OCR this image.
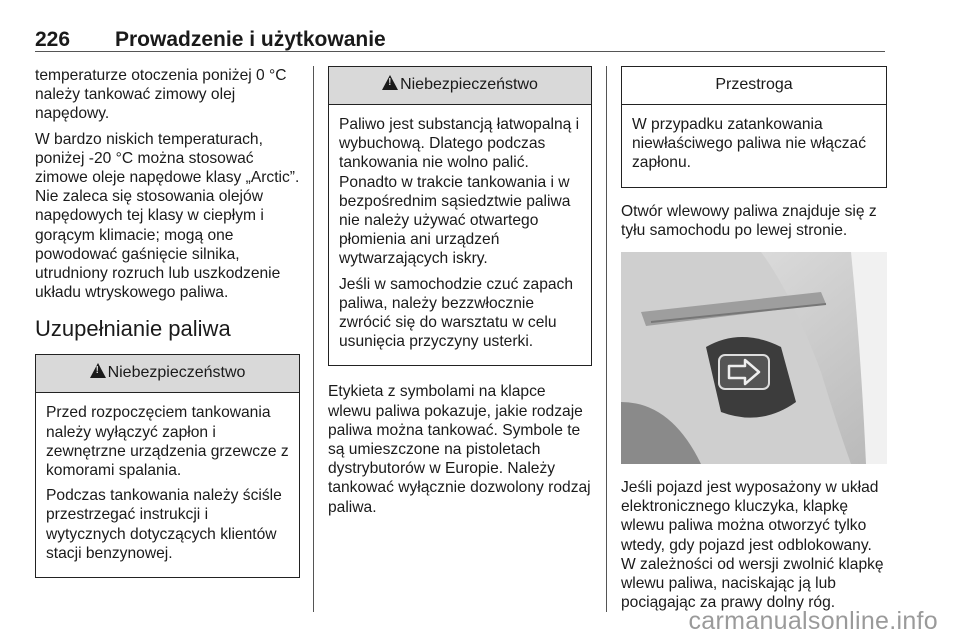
226 Prowadzenie i użytkowanie

temperaturze otoczenia poniżej 0 °C należy tankować zimowy olej napędowy.

W bardzo niskich temperaturach, poniżej -20 °C można stosować zimowe oleje napędowe klasy „Arctic”. Nie zaleca się stosowania olejów napędowych tej klasy w ciepłym i gorącym klimacie; mogą one powodować gaśnięcie silnika, utrudniony rozruch lub uszkodzenie układu wtryskowego paliwa.

Uzupełnianie paliwa
!Niebezpieczeństwo

Przed rozpoczęciem tankowania należy wyłączyć zapłon i zewnętrzne urządzenia grzewcze z komorami spalania.

Podczas tankowania należy ściśle przestrzegać instrukcji i wytycznych dotyczących klientów stacji benzynowej.

!Niebezpieczeństwo

Paliwo jest substancją łatwopalną i wybuchową. Dlatego podczas tankowania nie wolno palić. Ponadto w trakcie tankowania i w bezpośrednim sąsiedztwie paliwa nie należy używać otwartego płomienia ani urządzeń wytwarzających iskry.

Jeśli w samochodzie czuć zapach paliwa, należy bezzwłocznie zwrócić się do warsztatu w celu usunięcia przyczyny usterki.

Etykieta z symbolami na klapce wlewu paliwa pokazuje, jakie rodzaje paliwa można tankować. Symbole te są umieszczone na pistoletach dystrybutorów w Europie. Należy tankować wyłącznie dozwolony rodzaj paliwa.

Przestroga

W przypadku zatankowania niewłaściwego paliwa nie włączać zapłonu.

Otwór wlewowy paliwa znajduje się z tyłu samochodu po lewej stronie.

Jeśli pojazd jest wyposażony w układ elektronicznego kluczyka, klapkę wlewu paliwa można otworzyć tylko wtedy, gdy pojazd jest odblokowany. W zależności od wersji zwolnić klapkę wlewu paliwa, naciskając ją lub pociągając za prawy dolny róg.

carmanualsonline.info
